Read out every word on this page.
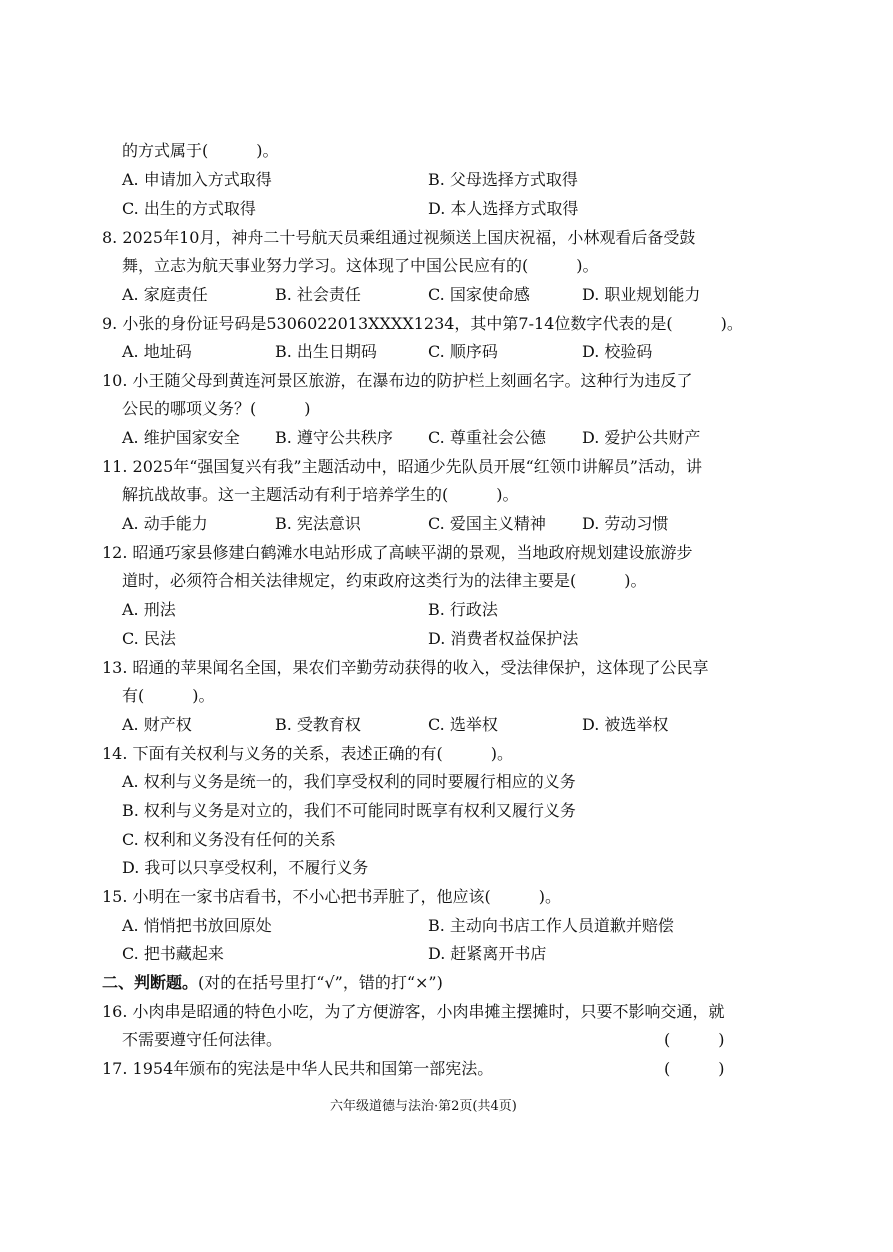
的方式属于(　　　)。
A. 申请加入方式取得	B. 父母选择方式取得
C. 出生的方式取得	D. 本人选择方式取得
8. 2025年10月，神舟二十号航天员乘组通过视频送上国庆祝福，小林观看后备受鼓
舞，立志为航天事业努力学习。这体现了中国公民应有的(　　　)。
A. 家庭责任	B. 社会责任	C. 国家使命感	D. 职业规划能力
9. 小张的身份证号码是5306022013XXXX1234，其中第7-14位数字代表的是(　　　)。
A. 地址码	B. 出生日期码	C. 顺序码	D. 校验码
10. 小王随父母到黄连河景区旅游，在瀑布边的防护栏上刻画名字。这种行为违反了
公民的哪项义务？(　　　)
A. 维护国家安全 B. 遵守公共秩序 C. 尊重社会公德 D. 爱护公共财产
11. 2025年“强国复兴有我”主题活动中，昭通少先队员开展“红领巾讲解员”活动，讲
解抗战故事。这一主题活动有利于培养学生的(　　　)。
A. 动手能力	B. 宪法意识	C. 爱国主义精神 D. 劳动习惯
12. 昭通巧家县修建白鹤滩水电站形成了高峡平湖的景观，当地政府规划建设旅游步
道时，必须符合相关法律规定，约束政府这类行为的法律主要是(　　　)。
A. 刑法	B. 行政法
C. 民法	D. 消费者权益保护法
13. 昭通的苹果闻名全国，果农们辛勤劳动获得的收入，受法律保护，这体现了公民享
有(　　　)。
A. 财产权	B. 受教育权	C. 选举权	D. 被选举权
14. 下面有关权利与义务的关系，表述正确的有(　　　)。
A. 权利与义务是统一的，我们享受权利的同时要履行相应的义务
B. 权利与义务是对立的，我们不可能同时既享有权利又履行义务
C. 权利和义务没有任何的关系
D. 我可以只享受权利，不履行义务
15. 小明在一家书店看书，不小心把书弄脏了，他应该(　　　)。
A. 悄悄把书放回原处	B. 主动向书店工作人员道歉并赔偿
C. 把书藏起来	D. 赶紧离开书店
二、判断题。(对的在括号里打“√”，错的打“×”)
16. 小肉串是昭通的特色小吃，为了方便游客，小肉串摊主摆摊时，只要不影响交通，就
不需要遵守任何法律。	(　　　)
17. 1954年颁布的宪法是中华人民共和国第一部宪法。	(　　　)
六年级道德与法治·第2页(共4页)
